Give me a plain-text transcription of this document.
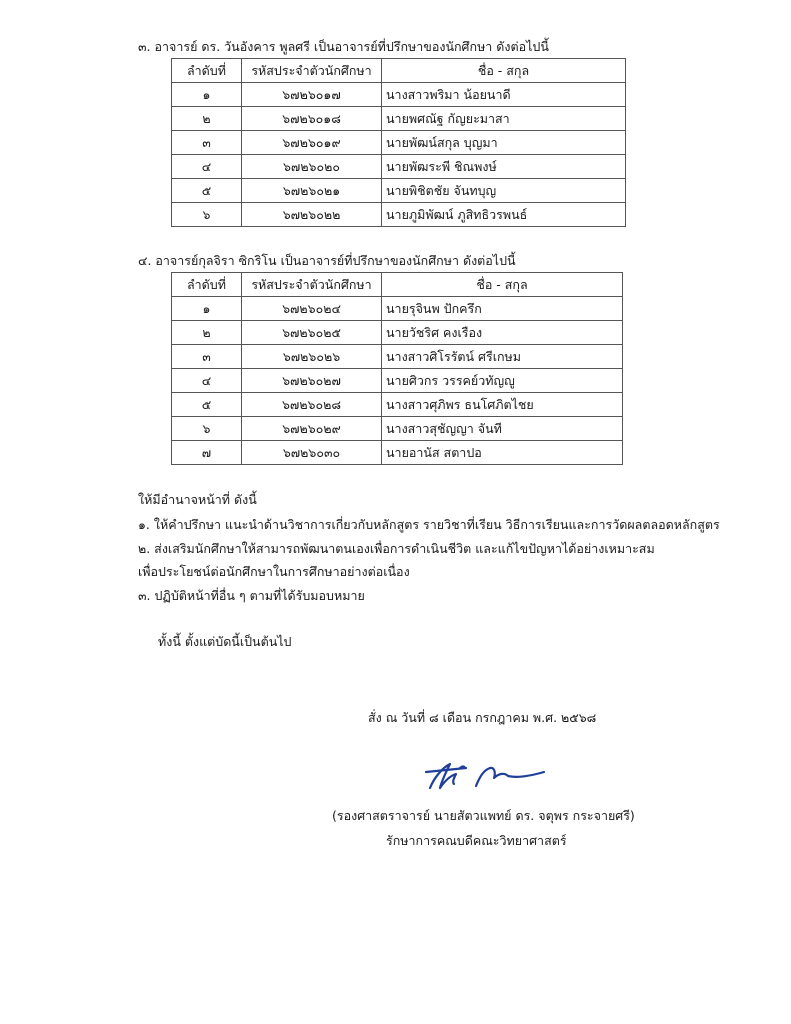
๓. อาจารย์ ดร. วันอังคาร พูลศรี เป็นอาจารย์ที่ปรึกษาของนักศึกษา ดังต่อไปนี้
ลำดับที่	รหัสประจำตัวนักศึกษา	ชื่อ - สกุล
๑	๖๗๒๖๐๑๗	นางสาวพริมา น้อยนาดี
๒	๖๗๒๖๐๑๘	นายพศณัฐ กัญยะมาสา
๓	๖๗๒๖๐๑๙	นายพัฒน์สกุล บุญมา
๔	๖๗๒๖๐๒๐	นายพัฒระพี ชิณพงษ์
๕	๖๗๒๖๐๒๑	นายพิชิตชัย จันทบุญ
๖	๖๗๒๖๐๒๒	นายภูมิพัฒน์ ภูสิทธิวรพนธ์
๔. อาจารย์กุลจิรา ซิกริโน เป็นอาจารย์ที่ปรึกษาของนักศึกษา ดังต่อไปนี้
ลำดับที่	รหัสประจำตัวนักศึกษา	ชื่อ - สกุล
๑	๖๗๒๖๐๒๔	นายรุจินพ ปักครึก
๒	๖๗๒๖๐๒๕	นายวัชริศ คงเรือง
๓	๖๗๒๖๐๒๖	นางสาวศิโรรัตน์ ศรีเกษม
๔	๖๗๒๖๐๒๗	นายศิวกร วรรคย์วทัญญู
๕	๖๗๒๖๐๒๘	นางสาวศุภิพร ธนโศภิตไชย
๖	๖๗๒๖๐๒๙	นางสาวสุชัญญา จันที
๗	๖๗๒๖๐๓๐	นายอานัส สตาปอ
ให้มีอำนาจหน้าที่ ดังนี้
๑. ให้คำปรึกษา แนะนำด้านวิชาการเกี่ยวกับหลักสูตร รายวิชาที่เรียน วิธีการเรียนและการวัดผลตลอดหลักสูตร
๒. ส่งเสริมนักศึกษาให้สามารถพัฒนาตนเองเพื่อการดำเนินชีวิต และแก้ไขปัญหาได้อย่างเหมาะสม
เพื่อประโยชน์ต่อนักศึกษาในการศึกษาอย่างต่อเนื่อง
๓. ปฏิบัติหน้าที่อื่น ๆ ตามที่ได้รับมอบหมาย
ทั้งนี้ ตั้งแต่บัดนี้เป็นต้นไป
สั่ง ณ วันที่ ๘ เดือน กรกฎาคม พ.ศ. ๒๕๖๘
(รองศาสตราจารย์ นายสัตวแพทย์ ดร. จตุพร กระจายศรี)
รักษาการคณบดีคณะวิทยาศาสตร์
